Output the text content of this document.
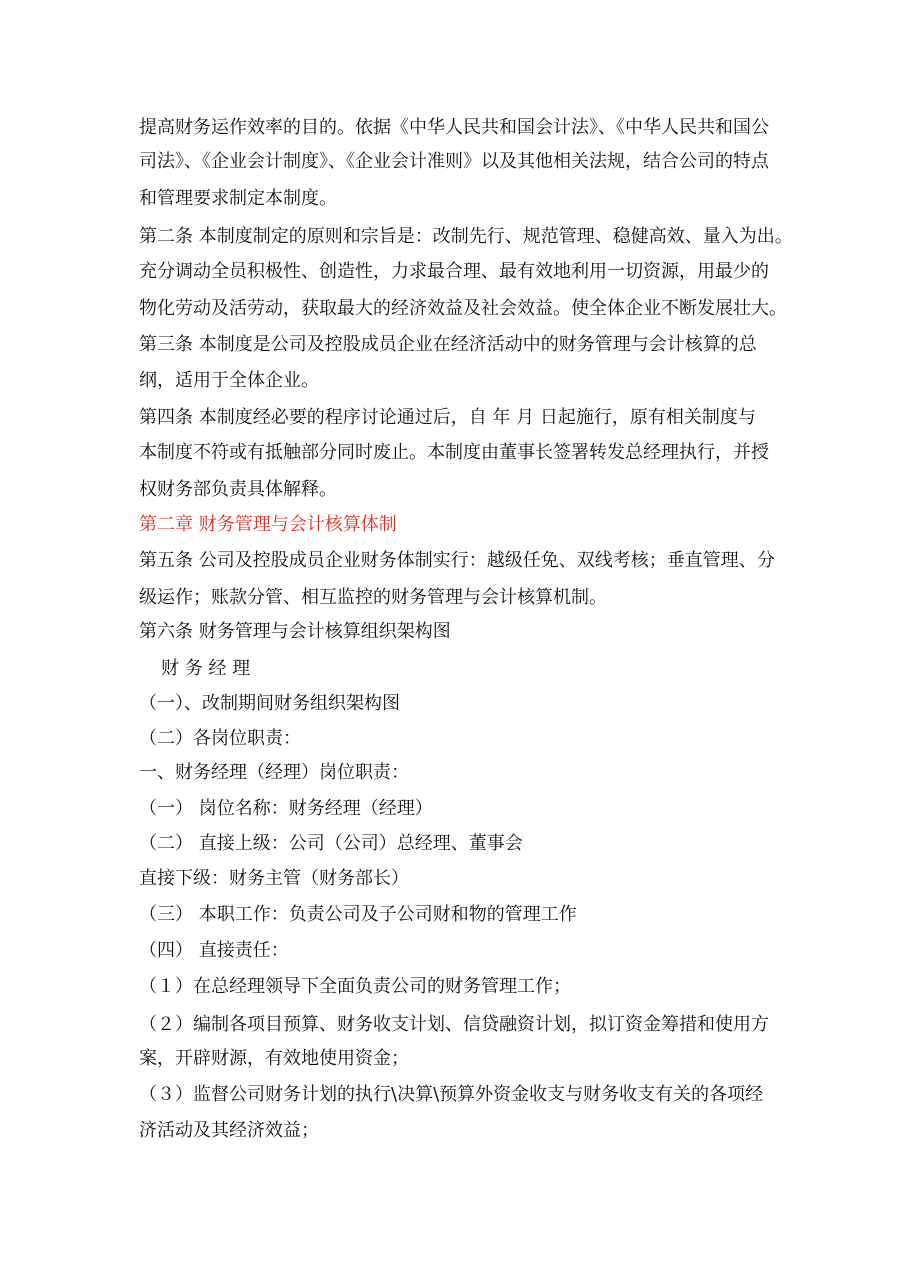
提高财务运作效率的目的。依据《中华人民共和国会计法》、《中华人民共和国公
司法》、《企业会计制度》、《企业会计准则》以及其他相关法规，结合公司的特点
和管理要求制定本制度。
第二条 本制度制定的原则和宗旨是：改制先行、规范管理、稳健高效、量入为出。
充分调动全员积极性、创造性，力求最合理、最有效地利用一切资源，用最少的
物化劳动及活劳动，获取最大的经济效益及社会效益。使全体企业不断发展壮大。
第三条 本制度是公司及控股成员企业在经济活动中的财务管理与会计核算的总
纲，适用于全体企业。
第四条 本制度经必要的程序讨论通过后，自 年 月 日起施行，原有相关制度与
本制度不符或有抵触部分同时废止。本制度由董事长签署转发总经理执行，并授
权财务部负责具体解释。
第二章 财务管理与会计核算体制
第五条 公司及控股成员企业财务体制实行：越级任免、双线考核；垂直管理、分
级运作；账款分管、相互监控的财务管理与会计核算机制。
第六条 财务管理与会计核算组织架构图
财 务 经 理
（一）、改制期间财务组织架构图
（二）各岗位职责：
一、财务经理（经理）岗位职责：
（一） 岗位名称：财务经理（经理）
（二） 直接上级：公司（公司）总经理、董事会
直接下级：财务主管（财务部长）
（三） 本职工作：负责公司及子公司财和物的管理工作
（四） 直接责任：
（１）在总经理领导下全面负责公司的财务管理工作；
（２）编制各项目预算、财务收支计划、信贷融资计划，拟订资金筹措和使用方
案，开辟财源，有效地使用资金；
（３）监督公司财务计划的执行\决算\预算外资金收支与财务收支有关的各项经
济活动及其经济效益；
